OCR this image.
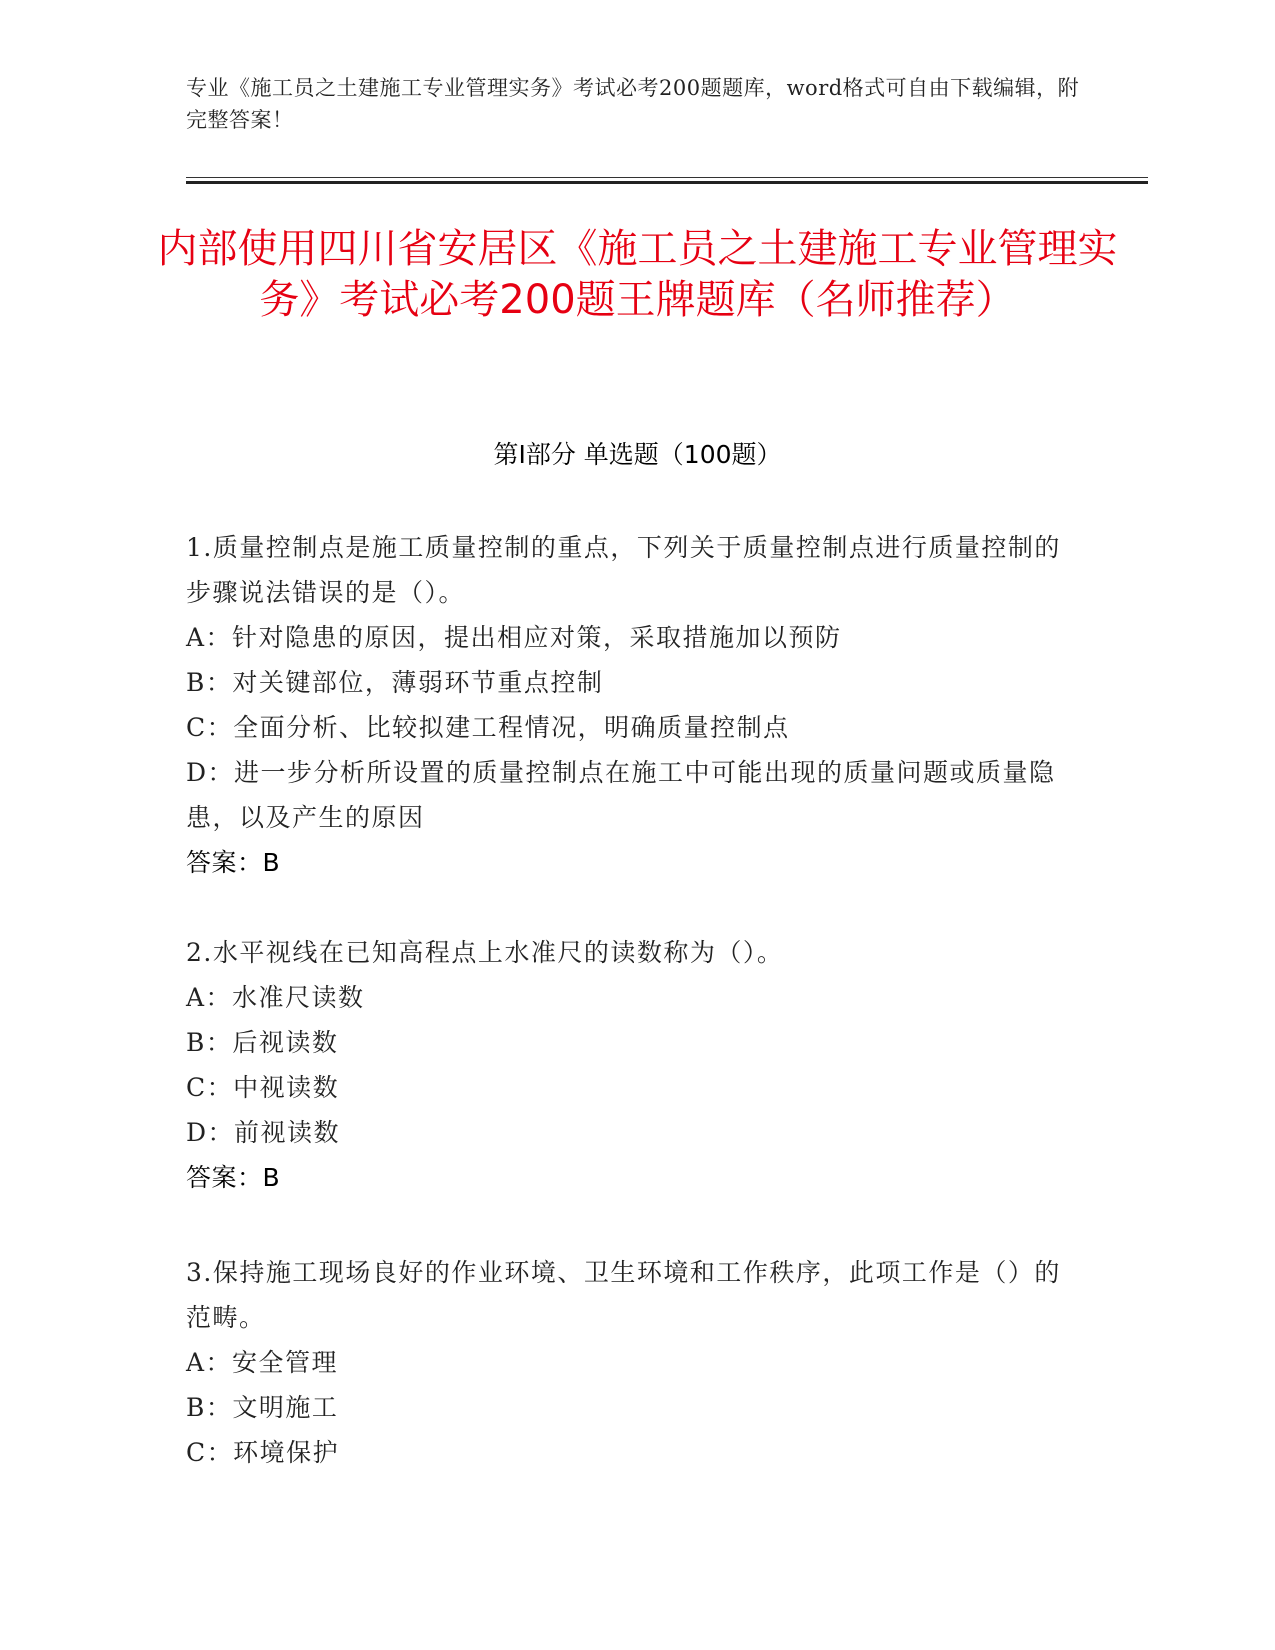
专业《施工员之土建施工专业管理实务》考试必考200题题库，word格式可自由下载编辑，附完整答案！
内部使用四川省安居区《施工员之土建施工专业管理实务》考试必考200题王牌题库（名师推荐）
第Ⅰ部分 单选题（100题）

1.质量控制点是施工质量控制的重点，下列关于质量控制点进行质量控制的步骤说法错误的是（）。

A：针对隐患的原因，提出相应对策，采取措施加以预防

B：对关键部位，薄弱环节重点控制

C：全面分析、比较拟建工程情况，明确质量控制点

D：进一步分析所设置的质量控制点在施工中可能出现的质量问题或质量隐患，以及产生的原因

答案：B

2.水平视线在已知高程点上水准尺的读数称为（）。

A：水准尺读数

B：后视读数

C：中视读数

D：前视读数

答案：B

3.保持施工现场良好的作业环境、卫生环境和工作秩序，此项工作是（）的范畴。

A：安全管理

B：文明施工

C：环境保护
